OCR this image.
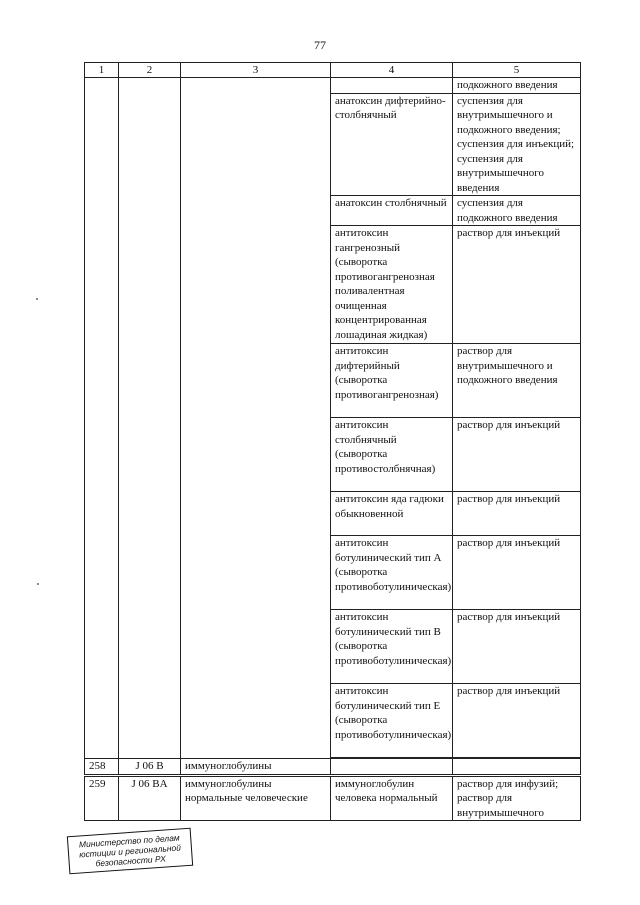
77
1	2	3	4	5
				подкожного введения
			анатоксин дифтерийно-столбнячный	суспензия для внутримышечного и подкожного введения; суспензия для инъекций; суспензия для внутримышечного введения
			анатоксин столбнячный	суспензия для подкожного введения
			антитоксин гангренозный (сыворотка противогангренозная поливалентная очищенная концентрированная лошадиная жидкая)	раствор для инъекций
			антитоксин дифтерийный (сыворотка противогангренозная)	раствор для внутримышечного и подкожного введения
			антитоксин столбнячный (сыворотка противостолбнячная)	раствор для инъекций
			антитоксин яда гадюки обыкновенной	раствор для инъекций
			антитоксин ботулинический тип А (сыворотка противоботулиническая)	раствор для инъекций
			антитоксин ботулинический тип В (сыворотка противоботулиническая)	раствор для инъекций
			антитоксин ботулинический тип Е (сыворотка противоботулиническая)	раствор для инъекций

258	J 06 B	иммуноглобулины		
259	J 06 BA	иммуноглобулины нормальные человеческие	иммуноглобулин человека нормальный	раствор для инфузий; раствор для внутримышечного
Министерство по делам юстиции и региональной безопасности РХ
